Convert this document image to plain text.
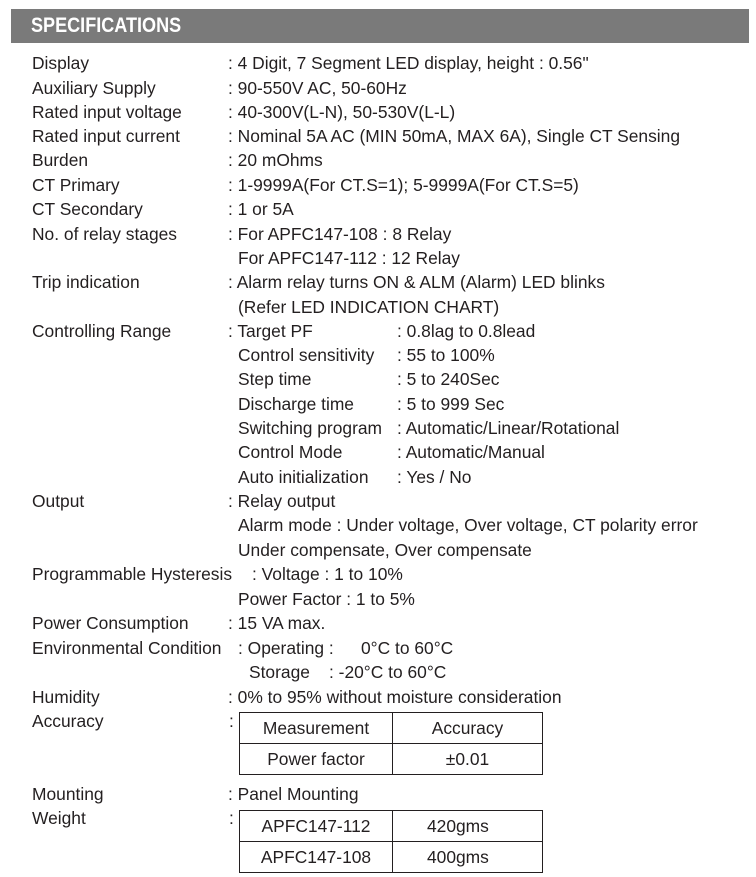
SPECIFICATIONS
Display	: 4 Digit, 7 Segment LED display, height : 0.56"
Auxiliary Supply	: 90-550V AC, 50-60Hz
Rated input voltage	: 40-300V(L-N), 50-530V(L-L)
Rated input current	: Nominal 5A AC (MIN 50mA, MAX 6A), Single CT Sensing
Burden	: 20 mOhms
CT Primary	: 1-9999A(For CT.S=1); 5-9999A(For CT.S=5)
CT Secondary	: 1 or 5A
No. of relay stages	: For APFC147-108 : 8 Relay
For APFC147-112 : 12 Relay
Trip indication	: Alarm relay turns ON & ALM (Alarm) LED blinks
(Refer LED INDICATION CHART)
Controlling Range	: Target PF	: 0.8lag to 0.8lead
Control sensitivity : 55 to 100%
Step time	: 5 to 240Sec
Discharge time : 5 to 999 Sec
Switching program : Automatic/Linear/Rotational
Control Mode	: Automatic/Manual
Auto initialization : Yes / No
Output	: Relay output
Alarm mode : Under voltage, Over voltage, CT polarity error
Under compensate, Over compensate
Programmable Hysteresis : Voltage : 1 to 10%
Power Factor : 1 to 5%
Power Consumption : 15 VA max.
Environmental Condition : Operating : 0°C to 60°C
Storage : -20°C to 60°C
Humidity	: 0% to 95% without moisture consideration
Accuracy	:	Measurement	Accuracy
Power factor	±0.01
Mounting	: Panel Mounting
Weight	:	APFC147-112	420gms
APFC147-108	400gms
